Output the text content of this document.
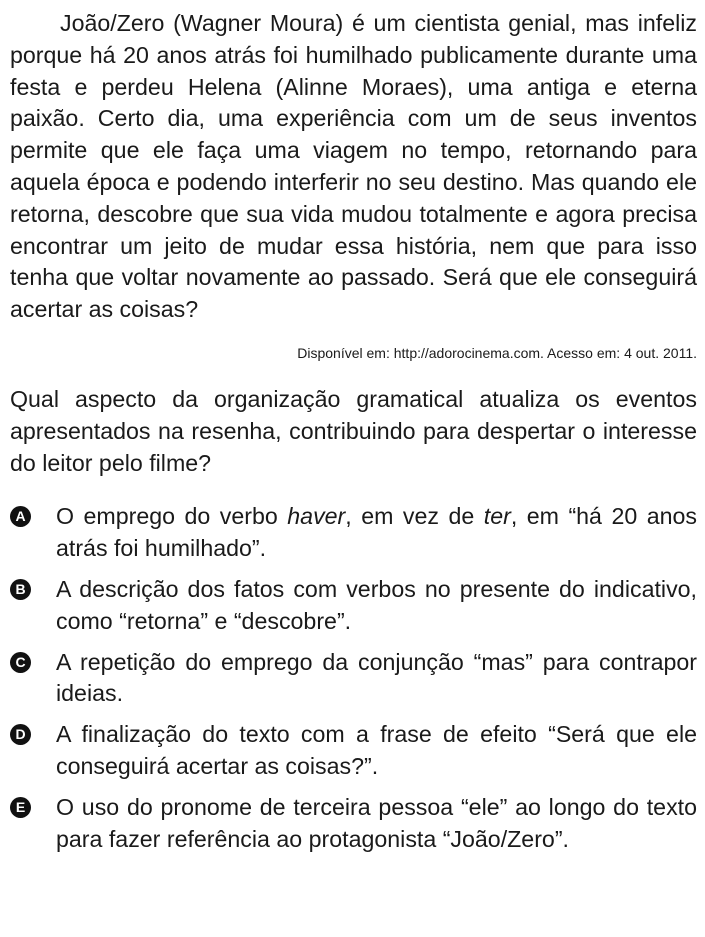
João/Zero (Wagner Moura) é um cientista genial, mas infeliz porque há 20 anos atrás foi humilhado publicamente durante uma festa e perdeu Helena (Alinne Moraes), uma antiga e eterna paixão. Certo dia, uma experiência com um de seus inventos permite que ele faça uma viagem no tempo, retornando para aquela época e podendo interferir no seu destino. Mas quando ele retorna, descobre que sua vida mudou totalmente e agora precisa encontrar um jeito de mudar essa história, nem que para isso tenha que voltar novamente ao passado. Será que ele conseguirá acertar as coisas?

Disponível em: http://adorocinema.com. Acesso em: 4 out. 2011.

Qual aspecto da organização gramatical atualiza os eventos apresentados na resenha, contribuindo para despertar o interesse do leitor pelo filme?

A O emprego do verbo haver, em vez de ter, em “há 20 anos atrás foi humilhado”.

B A descrição dos fatos com verbos no presente do indicativo, como “retorna” e “descobre”.

C A repetição do emprego da conjunção “mas” para contrapor ideias.

D A finalização do texto com a frase de efeito “Será que ele conseguirá acertar as coisas?”.

E O uso do pronome de terceira pessoa “ele” ao longo do texto para fazer referência ao protagonista “João/Zero”.
